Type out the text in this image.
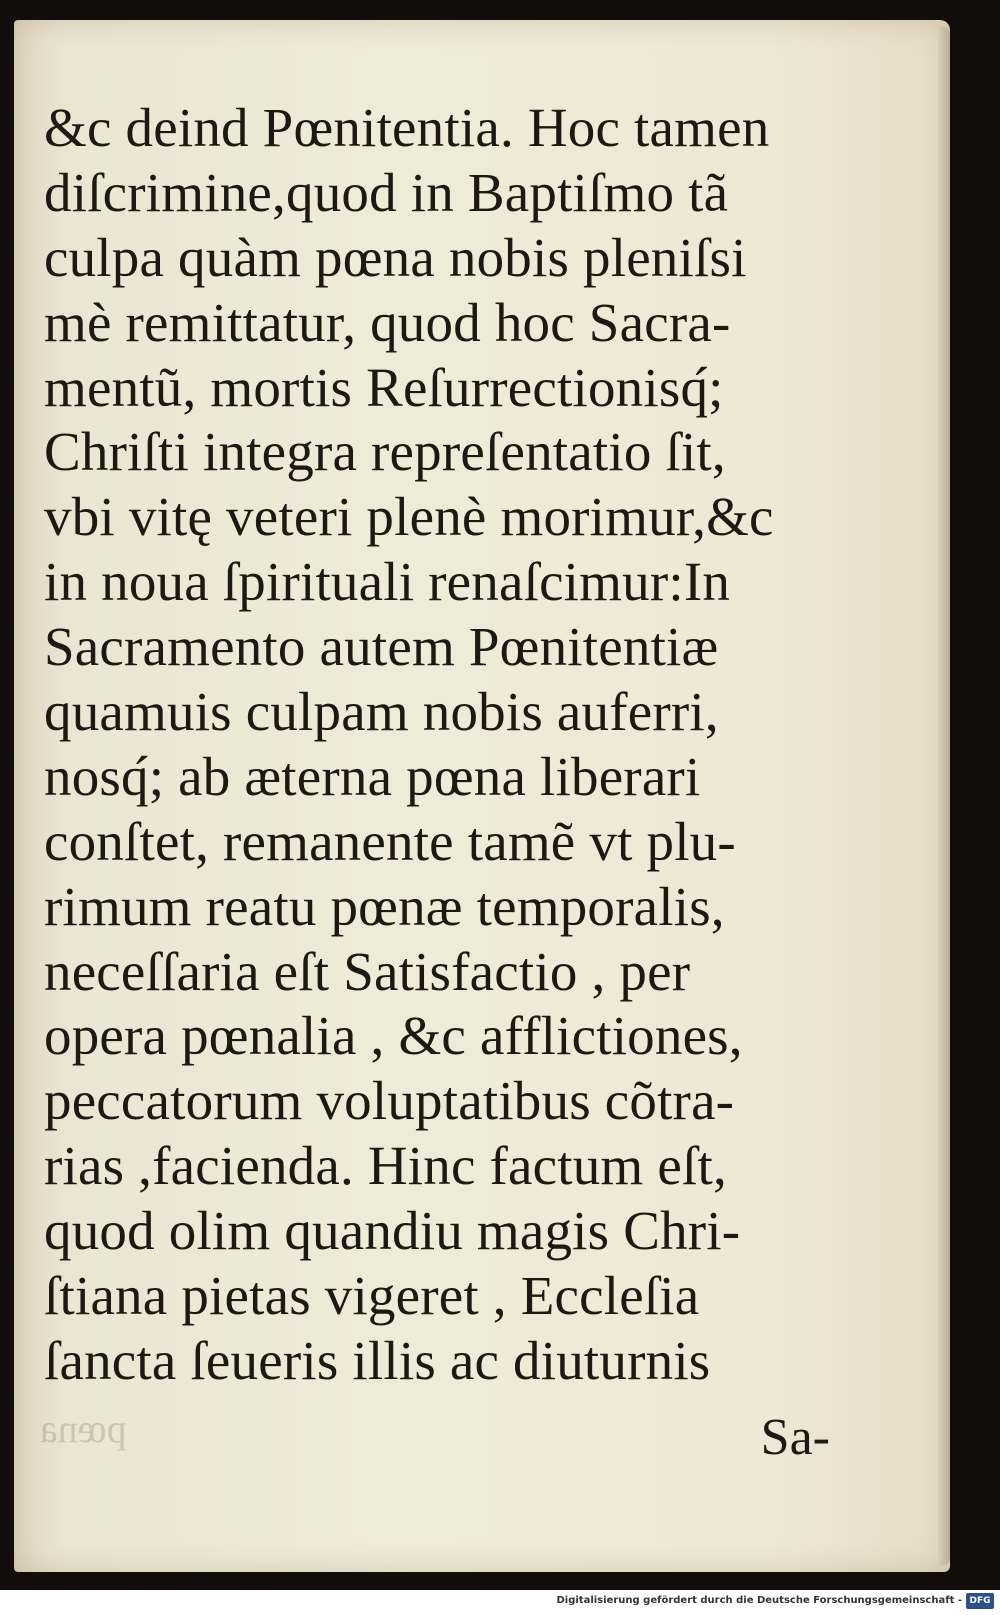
pœna
&c deind Pœnitentia. Hoc tamen
diſcrimine,quod in Baptiſmo tã
culpa quàm pœna nobis pleniſsi
mè remittatur, quod hoc Sacra-
mentũ, mortis Reſurrectionisq́;
Chriſti integra repreſentatio ſit,
vbi vitę veteri plenè morimur,&c
in noua ſpirituali renaſcimur:In
Sacramento autem Pœnitentiæ
quamuis culpam nobis auferri,
nosq́; ab æterna pœna liberari
conſtet, remanente tamẽ vt plu-
rimum reatu pœnæ temporalis,
neceſſaria eſt Satisfactio , per
opera pœnalia , &c afflictiones,
peccatorum voluptatibus cõtra-
rias ,facienda. Hinc factum eſt,
quod olim quandiu magis Chri-
ſtiana pietas vigeret , Eccleſia
ſancta ſeueris illis ac diuturnis
Sa-
Digitalisierung gefördert durch die Deutsche Forschungsgemeinschaft - DFG
